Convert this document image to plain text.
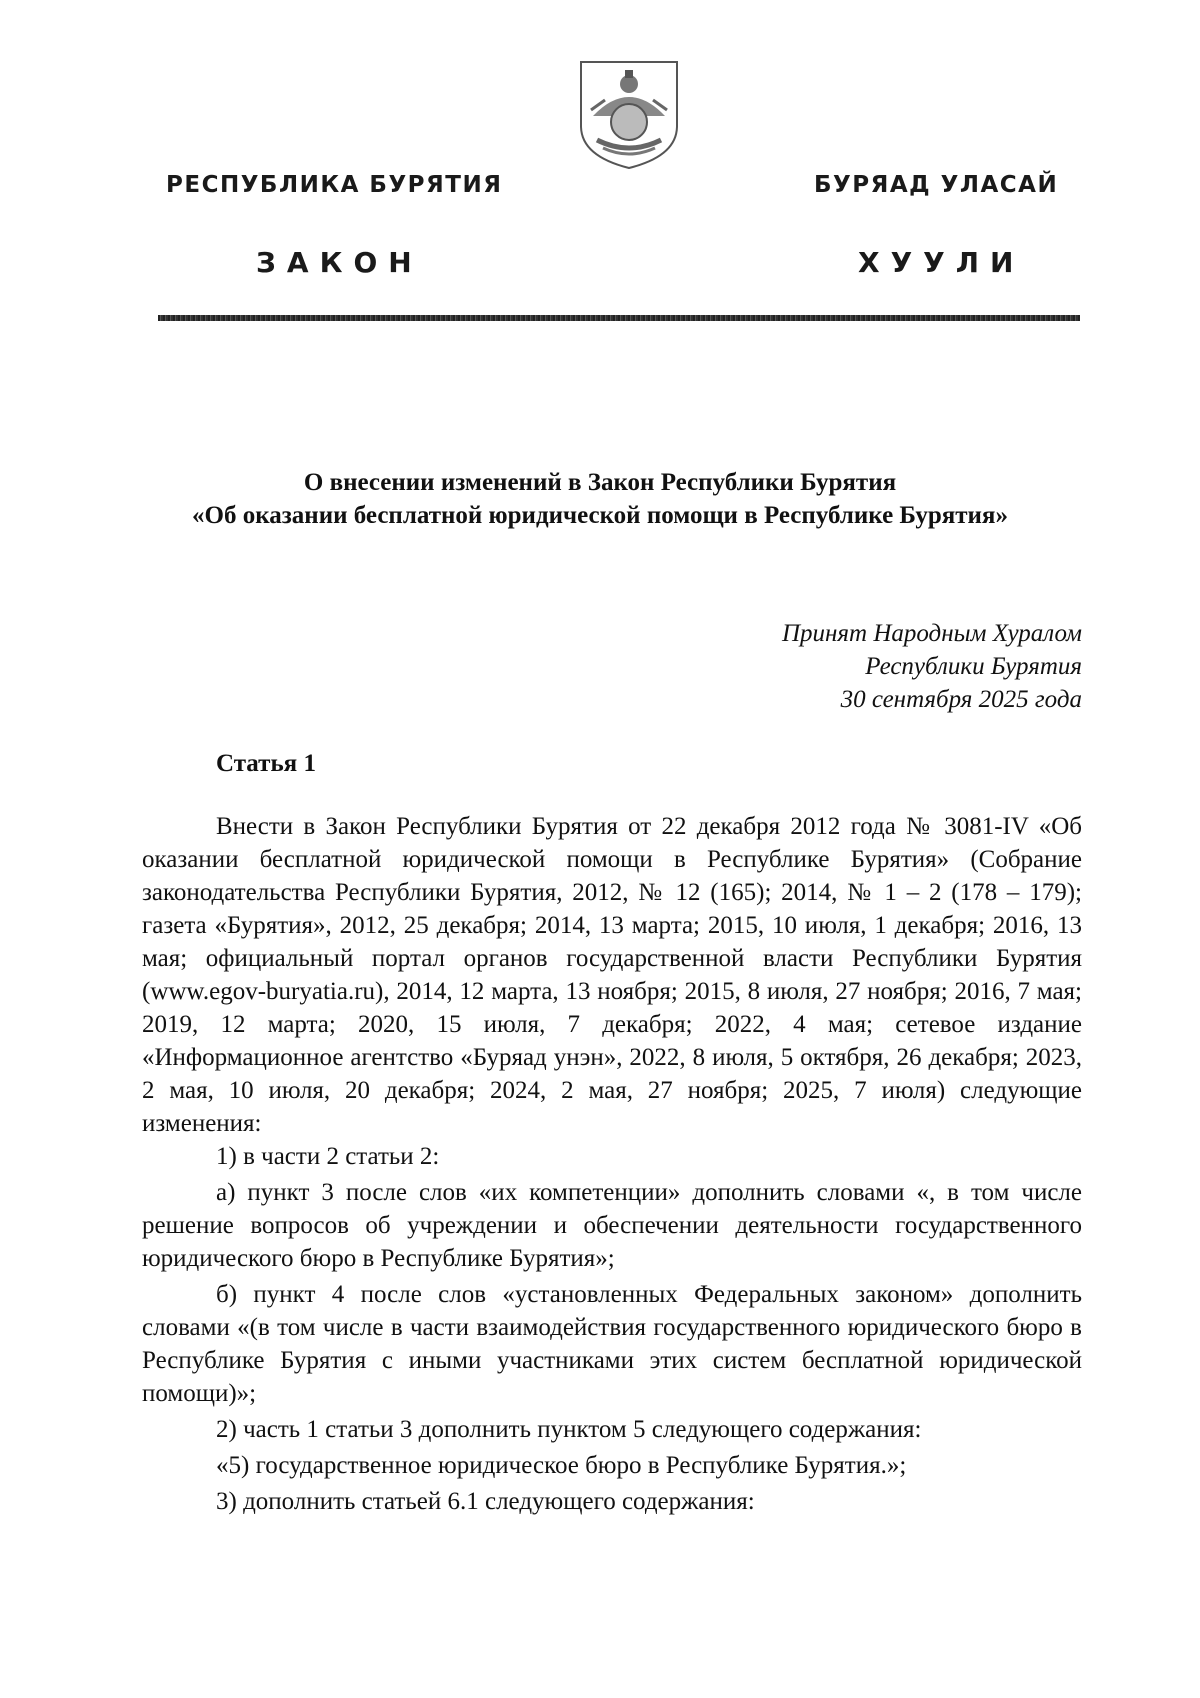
РЕСПУБЛИКА БУРЯТИЯ	БУРЯАД УЛАСАЙ
ЗАКОН	ХУУЛИ
О внесении изменений в Закон Республики Бурятия
«Об оказании бесплатной юридической помощи в Республике Бурятия»
Принят Народным Хуралом
Республики Бурятия
30 сентября 2025 года
Статья 1

Внести в Закон Республики Бурятия от 22 декабря 2012 года № 3081-IV «Об оказании бесплатной юридической помощи в Республике Бурятия» (Собрание законодательства Республики Бурятия, 2012, № 12 (165); 2014, № 1 – 2 (178 – 179); газета «Бурятия», 2012, 25 декабря; 2014, 13 марта; 2015, 10 июля, 1 декабря; 2016, 13 мая; официальный портал органов государственной власти Республики Бурятия (www.egov-buryatia.ru), 2014, 12 марта, 13 ноября; 2015, 8 июля, 27 ноября; 2016, 7 мая; 2019, 12 марта; 2020, 15 июля, 7 декабря; 2022, 4 мая; сетевое издание «Информационное агентство «Буряад унэн», 2022, 8 июля, 5 октября, 26 декабря; 2023, 2 мая, 10 июля, 20 декабря; 2024, 2 мая, 27 ноября; 2025, 7 июля) следующие изменения:

1) в части 2 статьи 2:

а) пункт 3 после слов «их компетенции» дополнить словами «, в том числе решение вопросов об учреждении и обеспечении деятельности государственного юридического бюро в Республике Бурятия»;

б) пункт 4 после слов «установленных Федеральных законом» дополнить словами «(в том числе в части взаимодействия государственного юридического бюро в Республике Бурятия с иными участниками этих систем бесплатной юридической помощи)»;

2) часть 1 статьи 3 дополнить пунктом 5 следующего содержания:

«5) государственное юридическое бюро в Республике Бурятия.»;

3) дополнить статьей 6.1 следующего содержания:
